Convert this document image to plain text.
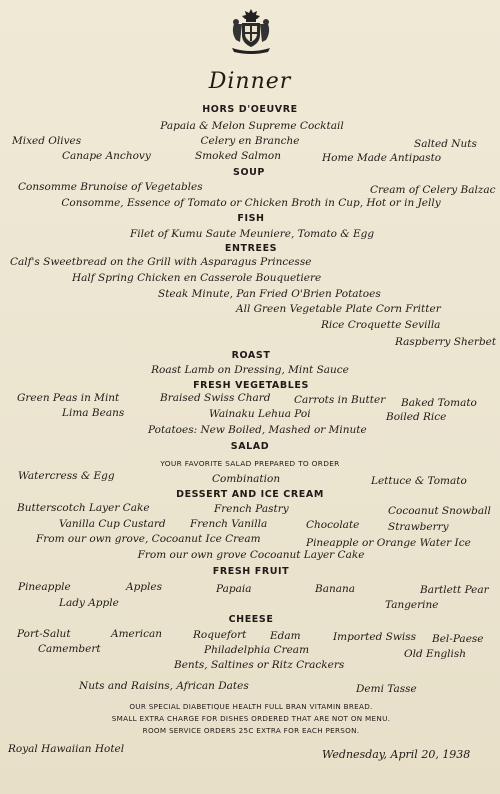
Dinner
HORS D'OEUVRE
Papaia & Melon Supreme Cocktail
Mixed Olives	Celery en Branche	Salted Nuts
Canape Anchovy	Smoked Salmon	Home Made Antipasto
SOUP
Consomme Brunoise of Vegetables	Cream of Celery Balzac
Consomme, Essence of Tomato or Chicken Broth in Cup, Hot or in Jelly
FISH
Filet of Kumu Saute Meuniere, Tomato & Egg
ENTREES
Calf's Sweetbread on the Grill with Asparagus Princesse
Half Spring Chicken en Casserole Bouquetiere
Steak Minute, Pan Fried O'Brien Potatoes
All Green Vegetable Plate Corn Fritter
Rice Croquette Sevilla
Raspberry Sherbet
ROAST
Roast Lamb on Dressing, Mint Sauce
FRESH VEGETABLES
Green Peas in Mint	Braised Swiss Chard Carrots in Butter Baked Tomato
Lima Beans	Wainaku Lehua Poi	Boiled Rice
Potatoes: New Boiled, Mashed or Minute
SALAD
YOUR FAVORITE SALAD PREPARED TO ORDER
Watercress & Egg	Combination	Lettuce & Tomato
DESSERT AND ICE CREAM
Butterscotch Layer Cake	French Pastry	Cocoanut Snowball
Vanilla Cup Custard French Vanilla	Chocolate	Strawberry
From our own grove, Cocoanut Ice Cream	Pineapple or Orange Water Ice
From our own grove Cocoanut Layer Cake
FRESH FRUIT
Pineapple	Apples	Papaia	Banana	Bartlett Pear
Lady Apple	Tangerine
CHEESE
Port-Salut	American	Roquefort Edam	Imported Swiss Bel-Paese
Camembert	Philadelphia Cream	Old English
Bents, Saltines or Ritz Crackers
Nuts and Raisins, African Dates	Demi Tasse
OUR SPECIAL DIABETIQUE HEALTH FULL BRAN VITAMIN BREAD.
SMALL EXTRA CHARGE FOR DISHES ORDERED THAT ARE NOT ON MENU.
ROOM SERVICE ORDERS 25C EXTRA FOR EACH PERSON.
Royal Hawaiian Hotel	Wednesday, April 20, 1938
